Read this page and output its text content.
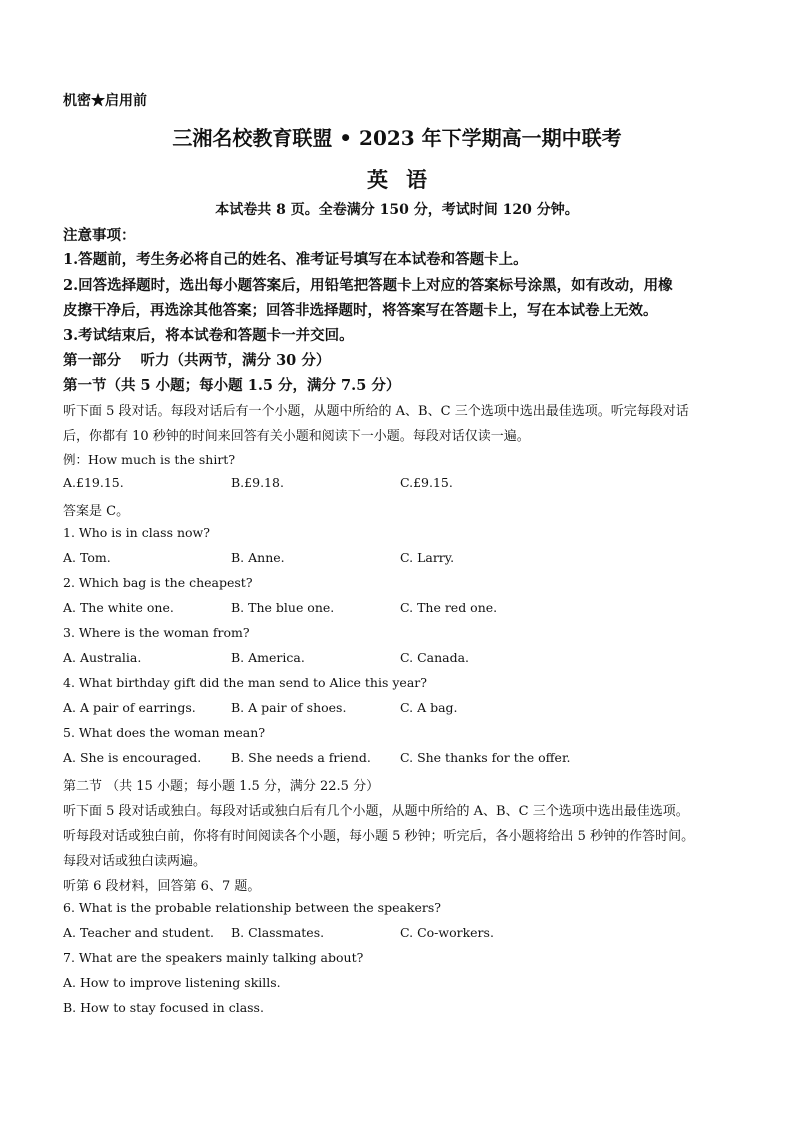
机密★启用前
三湘名校教育联盟 • 2023 年下学期高一期中联考
英语
本试卷共 8 页。全卷满分 150 分，考试时间 120 分钟。
注意事项：
1.答题前，考生务必将自己的姓名、准考证号填写在本试卷和答题卡上。
2.回答选择题时，选出每小题答案后，用铅笔把答题卡上对应的答案标号涂黑，如有改动，用橡
皮擦干净后，再选涂其他答案；回答非选择题时，将答案写在答题卡上，写在本试卷上无效。
3.考试结束后，将本试卷和答题卡一并交回。
第一部分　 听力（共两节，满分 30 分）
第一节（共 5 小题；每小题 1.5 分，满分 7.5 分）
听下面 5 段对话。每段对话后有一个小题，从题中所给的 A、B、C 三个选项中选出最佳选项。听完每段对话
后，你都有 10 秒钟的时间来回答有关小题和阅读下一小题。每段对话仅读一遍。
例：How much is the shirt?
A.£19.15.	B.£9.18.	C.£9.15.
答案是 C。
1. Who is in class now?
A. Tom.	B. Anne.	C. Larry.
2. Which bag is the cheapest?
A. The white one.	B. The blue one.	C. The red one.
3. Where is the woman from?
A. Australia.	B. America.	C. Canada.
4. What birthday gift did the man send to Alice this year?
A. A pair of earrings.	B. A pair of shoes.	C. A bag.
5. What does the woman mean?
A. She is encouraged. B. She needs a friend. C. She thanks for the offer.
第二节 （共 15 小题；每小题 1.5 分，满分 22.5 分）
听下面 5 段对话或独白。每段对话或独白后有几个小题，从题中所给的 A、B、C 三个选项中选出最佳选项。
听每段对话或独白前，你将有时间阅读各个小题，每小题 5 秒钟；听完后，各小题将给出 5 秒钟的作答时间。
每段对话或独白读两遍。
听第 6 段材料，回答第 6、7 题。
6. What is the probable relationship between the speakers?
A. Teacher and student. B. Classmates.	C. Co-workers.
7. What are the speakers mainly talking about?
A. How to improve listening skills.
B. How to stay focused in class.
